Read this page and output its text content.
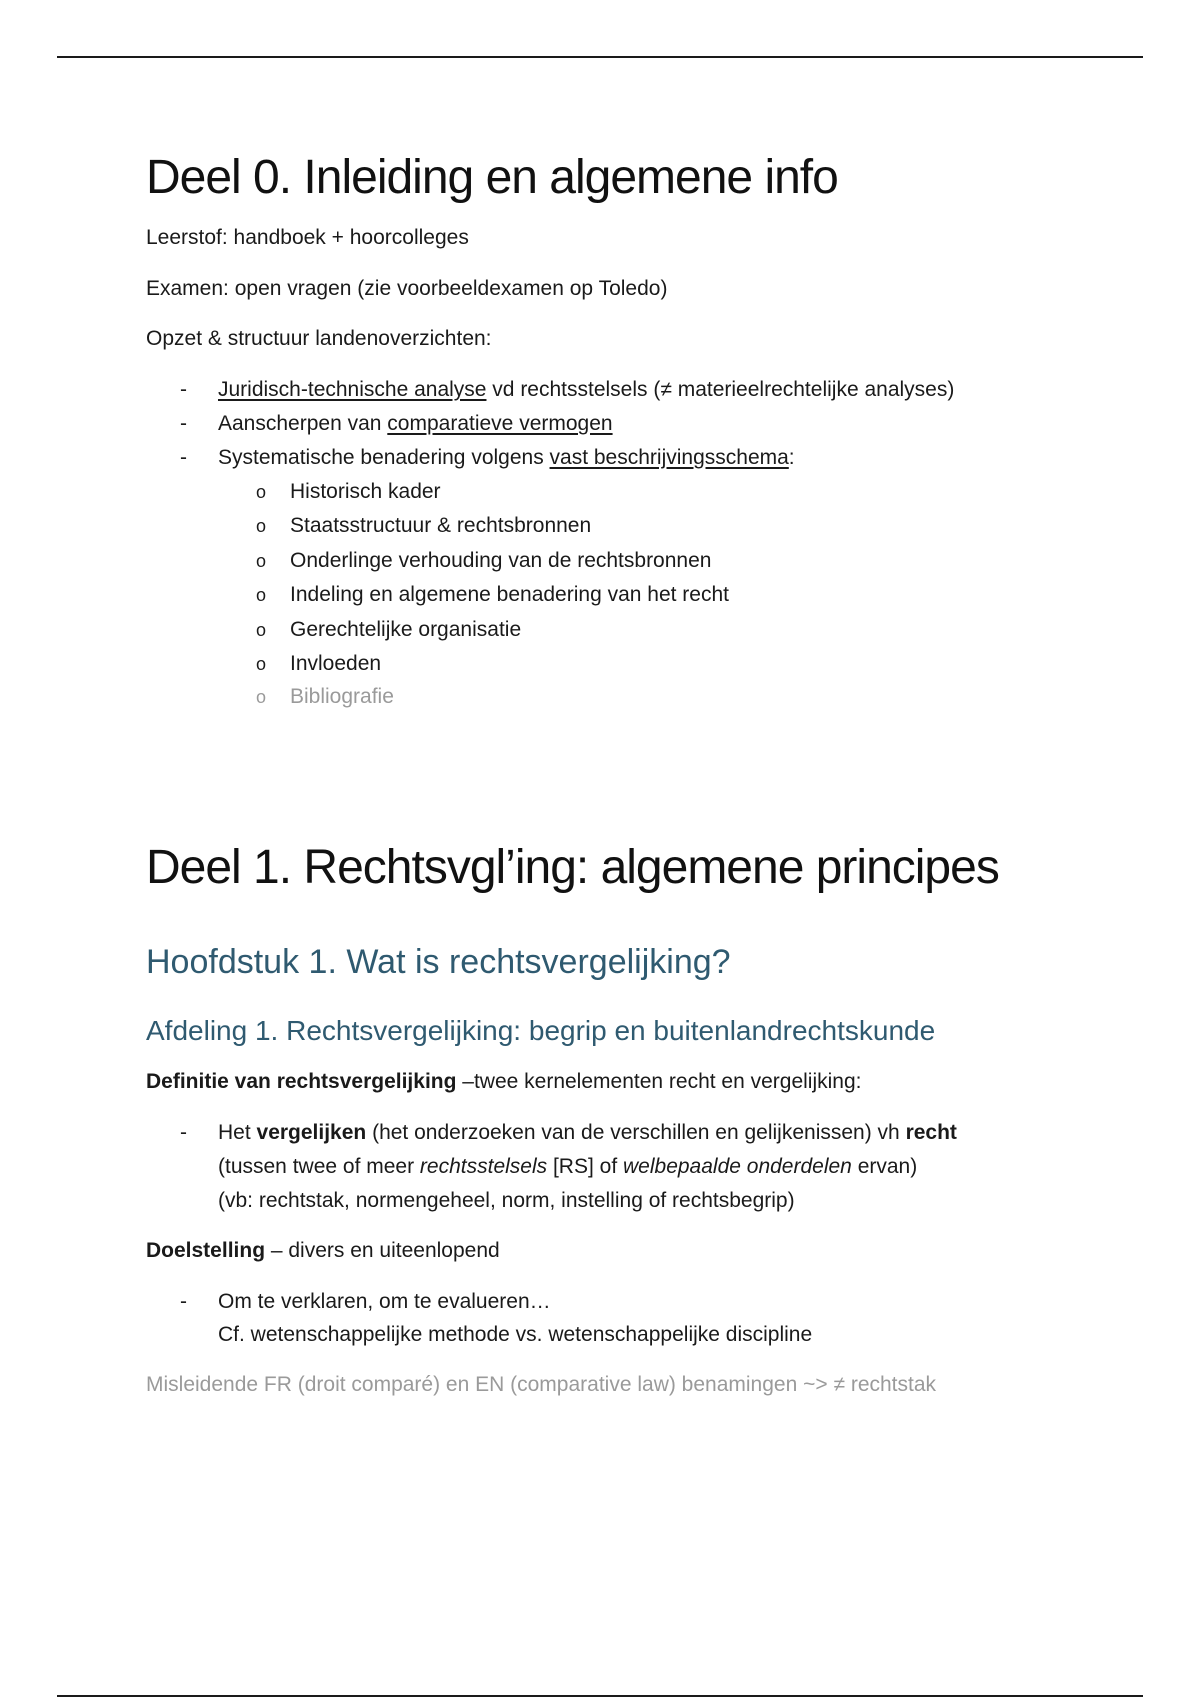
Deel 0. Inleiding en algemene info
Leerstof: handboek + hoorcolleges
Examen: open vragen (zie voorbeeldexamen op Toledo)
Opzet & structuur landenoverzichten:
- Juridisch-technische analyse vd rechtsstelsels (≠ materieelrechtelijke analyses)
- Aanscherpen van comparatieve vermogen
- Systematische benadering volgens vast beschrijvingsschema:
o Historisch kader
o Staatsstructuur & rechtsbronnen
o Onderlinge verhouding van de rechtsbronnen
o Indeling en algemene benadering van het recht
o Gerechtelijke organisatie
o Invloeden
o Bibliografie
Deel 1. Rechtsvgl’ing: algemene principes
Hoofdstuk 1. Wat is rechtsvergelijking?
Afdeling 1. Rechtsvergelijking: begrip en buitenlandrechtskunde
Definitie van rechtsvergelijking –twee kernelementen recht en vergelijking:
- Het vergelijken (het onderzoeken van de verschillen en gelijkenissen) vh recht
(tussen twee of meer rechtsstelsels [RS] of welbepaalde onderdelen ervan)
(vb: rechtstak, normengeheel, norm, instelling of rechtsbegrip)
Doelstelling – divers en uiteenlopend
- Om te verklaren, om te evalueren…
Cf. wetenschappelijke methode vs. wetenschappelijke discipline
Misleidende FR (droit comparé) en EN (comparative law) benamingen ~> ≠ rechtstak
